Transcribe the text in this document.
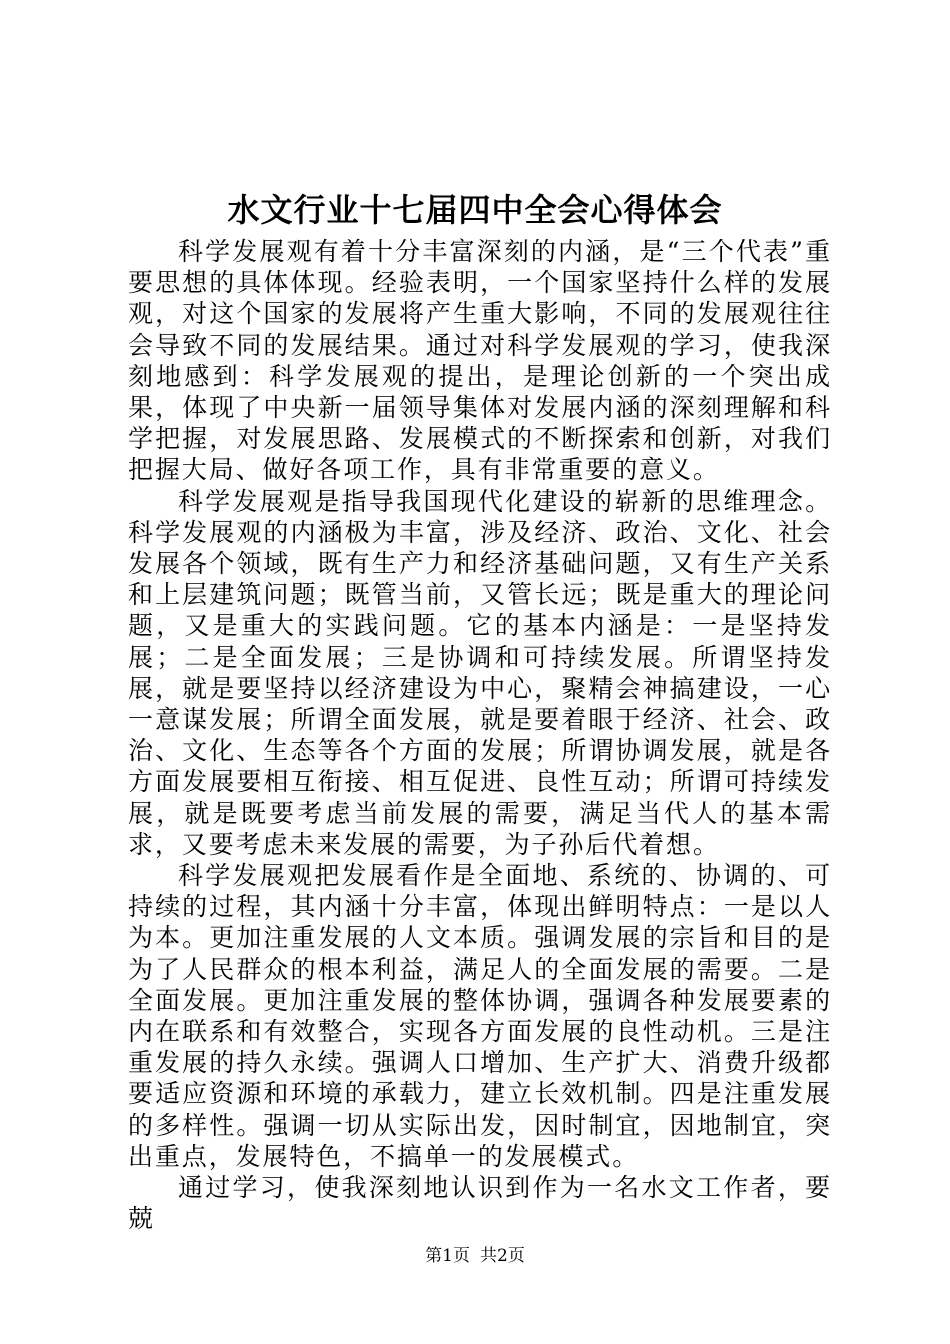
水文行业十七届四中全会心得体会

科学发展观有着十分丰富深刻的内涵，是“三个代表”重要思想的具体体现。经验表明，一个国家坚持什么样的发展观，对这个国家的发展将产生重大影响，不同的发展观往往会导致不同的发展结果。通过对科学发展观的学习，使我深刻地感到：科学发展观的提出，是理论创新的一个突出成果，体现了中央新一届领导集体对发展内涵的深刻理解和科学把握，对发展思路、发展模式的不断探索和创新，对我们把握大局、做好各项工作，具有非常重要的意义。

科学发展观是指导我国现代化建设的崭新的思维理念。科学发展观的内涵极为丰富，涉及经济、政治、文化、社会发展各个领域，既有生产力和经济基础问题，又有生产关系和上层建筑问题；既管当前，又管长远；既是重大的理论问题，又是重大的实践问题。它的基本内涵是：一是坚持发展；二是全面发展；三是协调和可持续发展。所谓坚持发展，就是要坚持以经济建设为中心，聚精会神搞建设，一心一意谋发展；所谓全面发展，就是要着眼于经济、社会、政治、文化、生态等各个方面的发展；所谓协调发展，就是各方面发展要相互衔接、相互促进、良性互动；所谓可持续发展，就是既要考虑当前发展的需要，满足当代人的基本需求，又要考虑未来发展的需要，为子孙后代着想。

科学发展观把发展看作是全面地、系统的、协调的、可持续的过程，其内涵十分丰富，体现出鲜明特点：一是以人为本。更加注重发展的人文本质。强调发展的宗旨和目的是为了人民群众的根本利益，满足人的全面发展的需要。二是全面发展。更加注重发展的整体协调，强调各种发展要素的内在联系和有效整合，实现各方面发展的良性动机。三是注重发展的持久永续。强调人口增加、生产扩大、消费升级都要适应资源和环境的承载力，建立长效机制。四是注重发展的多样性。强调一切从实际出发，因时制宜，因地制宜，突出重点，发展特色，不搞单一的发展模式。

通过学习，使我深刻地认识到作为一名水文工作者，要兢

第1页 共2页
